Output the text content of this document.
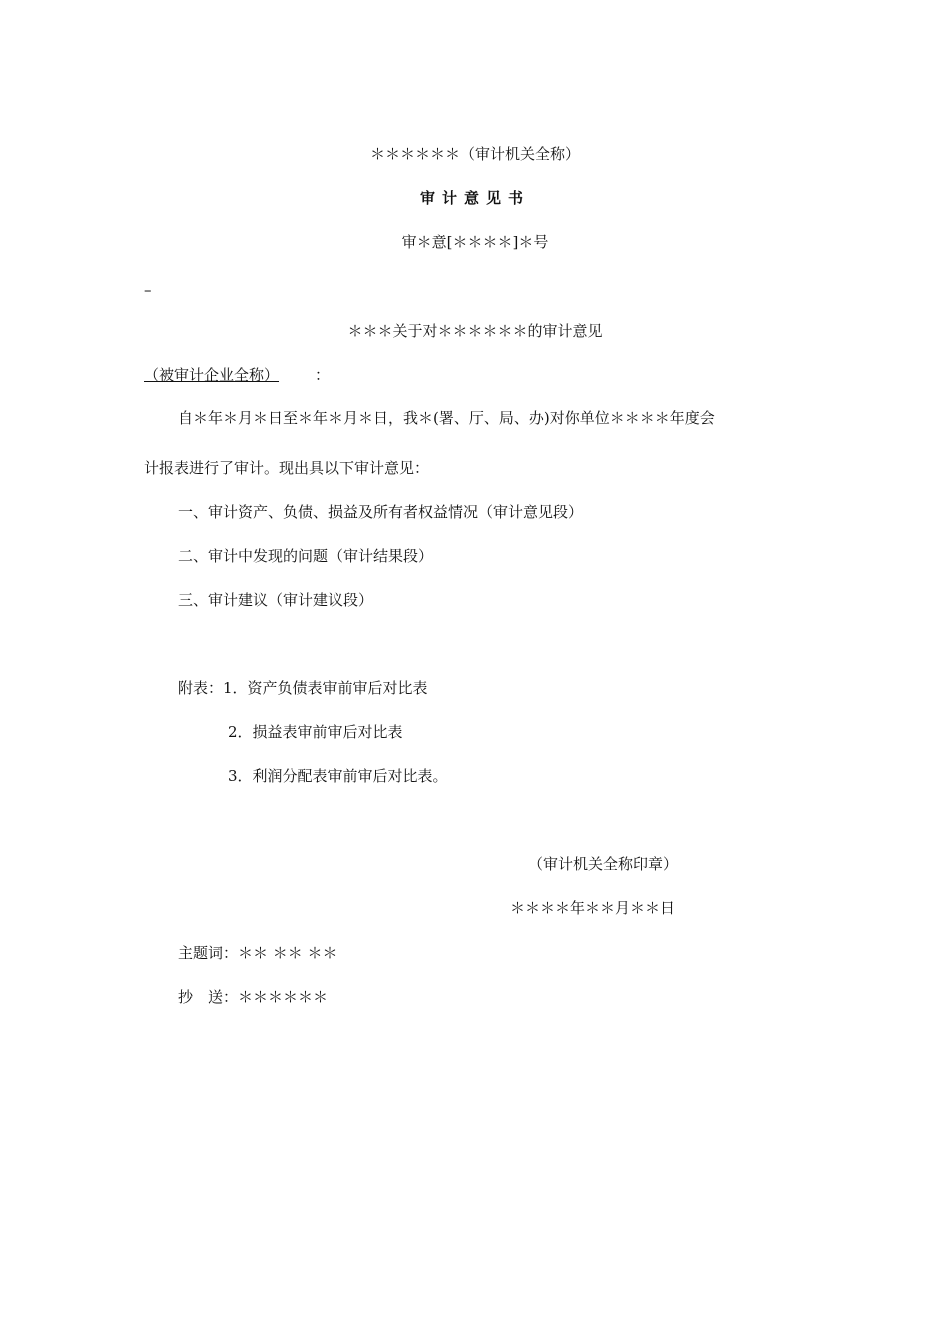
＊＊＊＊＊＊（审计机关全称）
审计意见书
审＊意[＊＊＊＊]＊号
–
＊＊＊关于对＊＊＊＊＊＊的审计意见
（被审计企业全称） ：
自＊年＊月＊日至＊年＊月＊日，我＊(署、厅、局、办)对你单位＊＊＊＊年度会
计报表进行了审计。现出具以下审计意见：
一、审计资产、负债、损益及所有者权益情况（审计意见段）
二、审计中发现的问题（审计结果段）
三、审计建议（审计建议段）
附表：1．资产负债表审前审后对比表
2．损益表审前审后对比表
3．利润分配表审前审后对比表。
（审计机关全称印章）
＊＊＊＊年＊＊月＊＊日
主题词：＊＊ ＊＊ ＊＊
抄　送：＊＊＊＊＊＊
